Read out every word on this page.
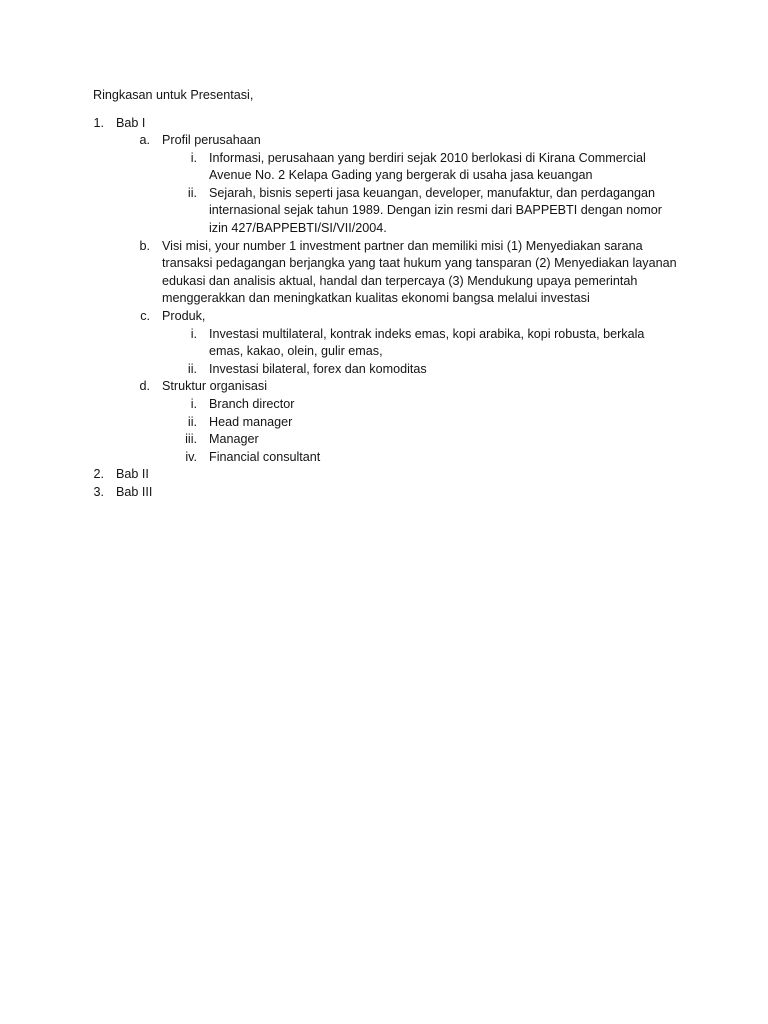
Ringkasan untuk Presentasi,
1. Bab I
a. Profil perusahaan
i. Informasi, perusahaan yang berdiri sejak 2010 berlokasi di Kirana Commercial Avenue No. 2 Kelapa Gading yang bergerak di usaha jasa keuangan
ii. Sejarah, bisnis seperti jasa keuangan, developer, manufaktur, dan perdagangan internasional sejak tahun 1989. Dengan izin resmi dari BAPPEBTI dengan nomor izin 427/BAPPEBTI/SI/VII/2004.
b. Visi misi, your number 1 investment partner dan memiliki misi (1) Menyediakan sarana transaksi pedagangan berjangka yang taat hukum yang tansparan (2) Menyediakan layanan edukasi dan analisis aktual, handal dan terpercaya (3) Mendukung upaya pemerintah menggerakkan dan meningkatkan kualitas ekonomi bangsa melalui investasi
c. Produk,
i. Investasi multilateral, kontrak indeks emas, kopi arabika, kopi robusta, berkala emas, kakao, olein, gulir emas,
ii. Investasi bilateral, forex dan komoditas
d. Struktur organisasi
i. Branch director
ii. Head manager
iii. Manager
iv. Financial consultant
2. Bab II
3. Bab III
